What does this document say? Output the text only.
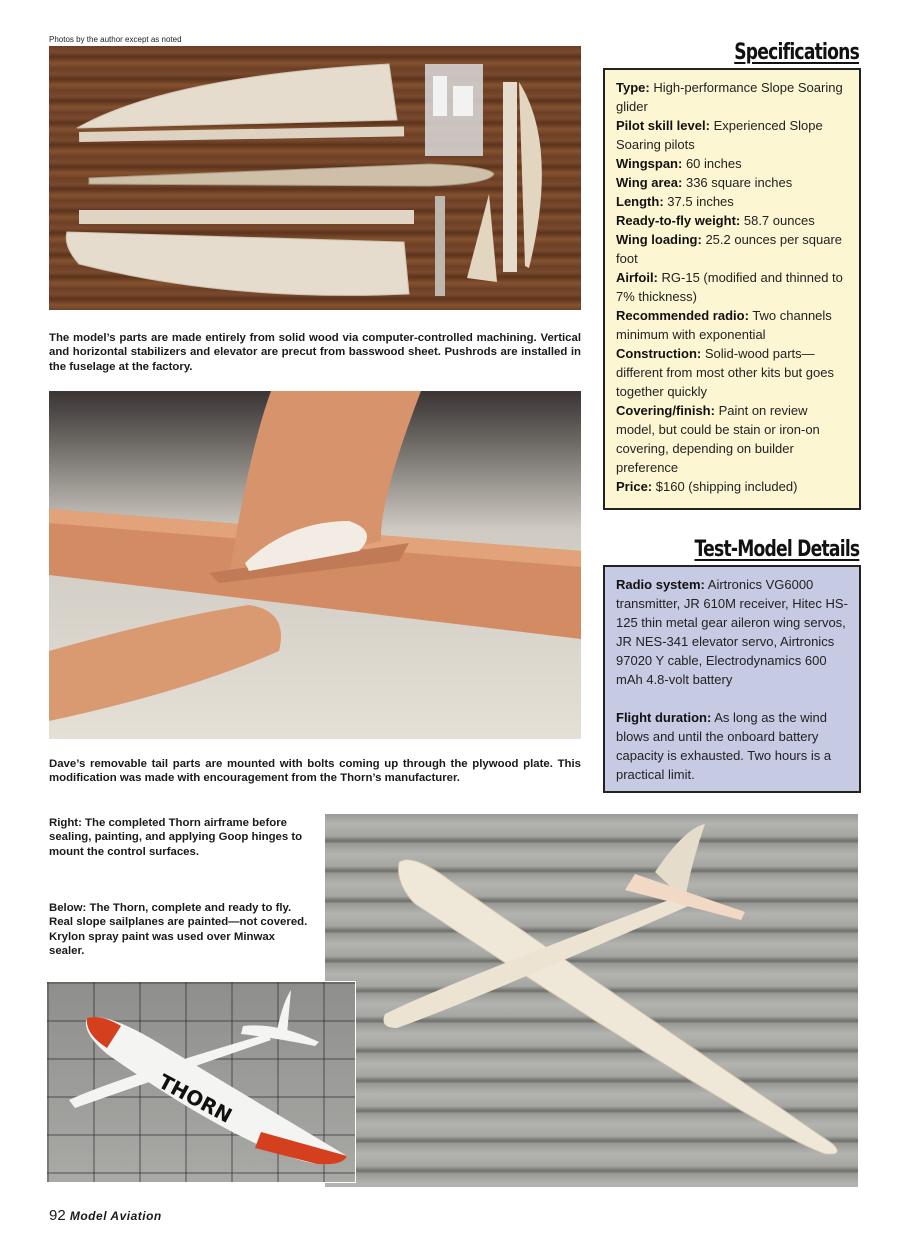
Photos by the author except as noted
The model’s parts are made entirely from solid wood via computer-controlled machining. Vertical and horizontal stabilizers and elevator are precut from basswood sheet. Pushrods are installed in the fuselage at the factory.
Dave’s removable tail parts are mounted with bolts coming up through the plywood plate. This modification was made with encouragement from the Thorn’s manufacturer.
Right: The completed Thorn airframe before sealing, painting, and applying Goop hinges to mount the control surfaces.
Below: The Thorn, complete and ready to fly. Real slope sailplanes are painted—not covered. Krylon spray paint was used over Minwax sealer.
THORN
Specifications
Type: High-performance Slope Soaring glider
Pilot skill level: Experienced Slope Soaring pilots
Wingspan: 60 inches
Wing area: 336 square inches
Length: 37.5 inches
Ready-to-fly weight: 58.7 ounces
Wing loading: 25.2 ounces per square foot
Airfoil: RG-15 (modified and thinned to 7% thickness)
Recommended radio: Two channels minimum with exponential
Construction: Solid-wood parts—different from most other kits but goes together quickly
Covering/finish: Paint on review model, but could be stain or iron-on covering, depending on builder preference
Price: $160 (shipping included)
Test-Model Details
Radio system: Airtronics VG6000 transmitter, JR 610M receiver, Hitec HS-125 thin metal gear aileron wing servos, JR NES-341 elevator servo, Airtronics 97020 Y cable, Electrodynamics 600 mAh 4.8-volt battery
Flight duration: As long as the wind blows and until the onboard battery capacity is exhausted. Two hours is a practical limit.
92 Model Aviation
